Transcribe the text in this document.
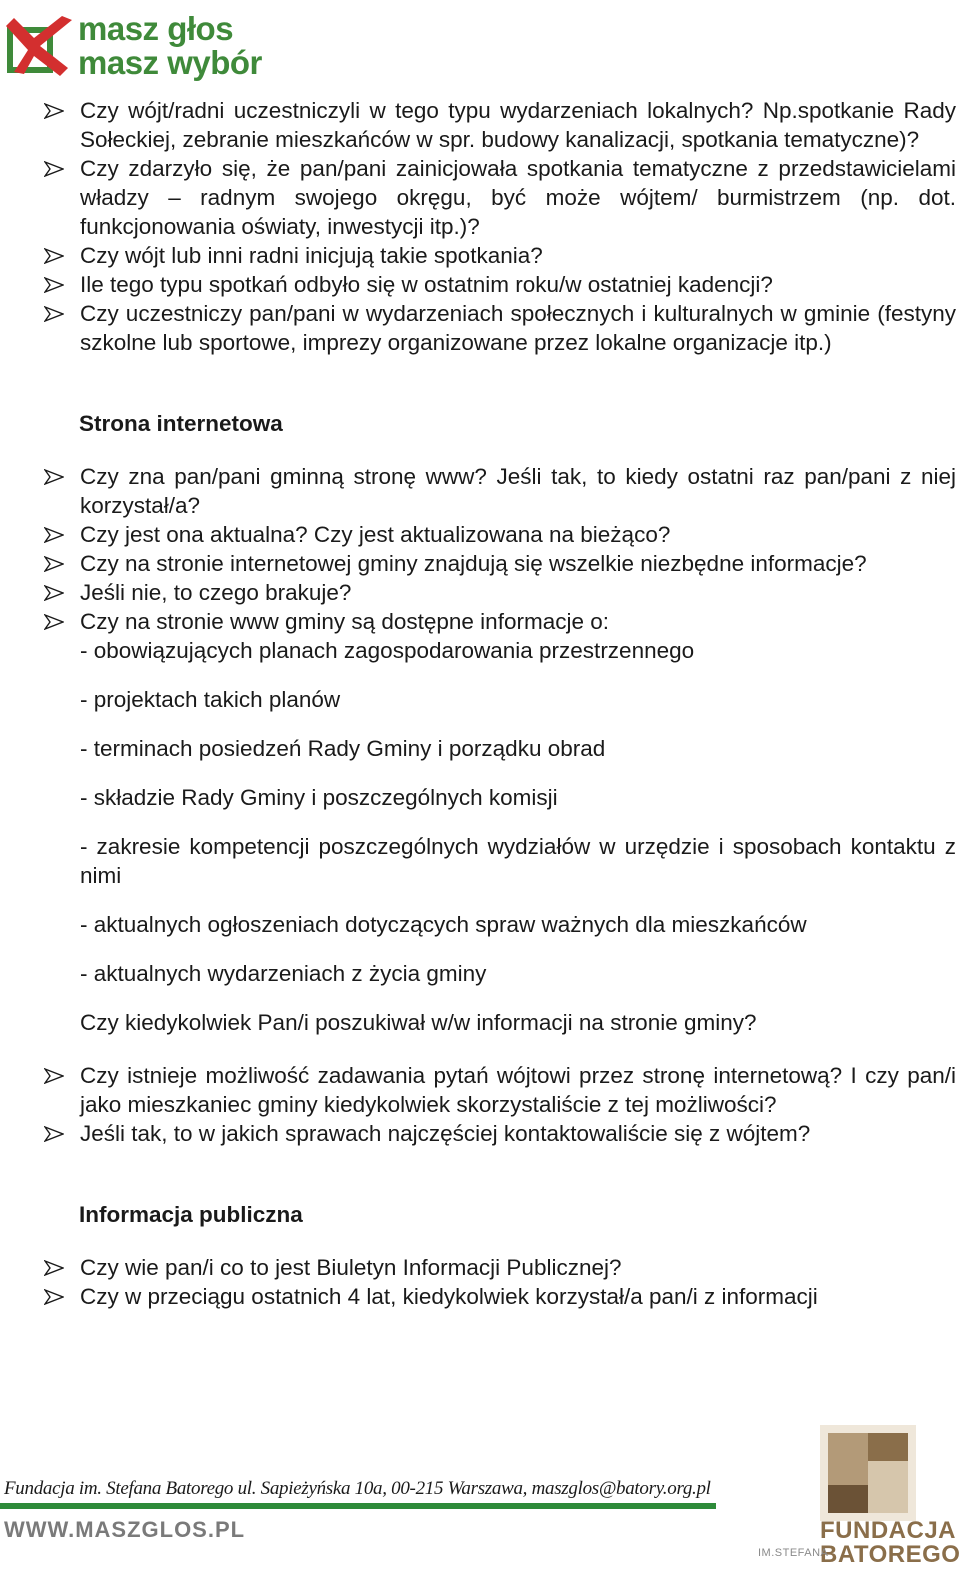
masz głos
masz wybór
Czy wójt/radni uczestniczyli w tego typu wydarzeniach lokalnych? Np.spotkanie Rady Sołeckiej, zebranie mieszkańców w spr. budowy kanalizacji, spotkania tematyczne)?
Czy zdarzyło się, że pan/pani zainicjowała spotkania tematyczne z przedstawicielami władzy – radnym swojego okręgu, być może wójtem/ burmistrzem (np. dot. funkcjonowania oświaty, inwestycji itp.)?
Czy wójt lub inni radni inicjują takie spotkania?
Ile tego typu spotkań odbyło się w ostatnim roku/w ostatniej kadencji?
Czy uczestniczy pan/pani w wydarzeniach społecznych i kulturalnych w gminie (festyny szkolne lub sportowe, imprezy organizowane przez lokalne organizacje itp.)
Strona internetowa
Czy zna pan/pani gminną stronę www? Jeśli tak, to kiedy ostatni raz pan/pani z niej korzystał/a?
Czy jest ona aktualna? Czy jest aktualizowana na bieżąco?
Czy na stronie internetowej gminy znajdują się wszelkie niezbędne informacje?
Jeśli nie, to czego brakuje?
Czy na stronie www gminy są dostępne informacje o:
- obowiązujących planach zagospodarowania przestrzennego
- projektach takich planów
- terminach posiedzeń Rady Gminy i porządku obrad
- składzie Rady Gminy i poszczególnych komisji
- zakresie kompetencji poszczególnych wydziałów w urzędzie i sposobach kontaktu z nimi
- aktualnych ogłoszeniach dotyczących spraw ważnych dla mieszkańców
- aktualnych wydarzeniach z życia gminy
Czy kiedykolwiek Pan/i poszukiwał w/w informacji na stronie gminy?
Czy istnieje możliwość zadawania pytań wójtowi przez stronę internetową? I czy pan/i jako mieszkaniec gminy kiedykolwiek skorzystaliście z tej możliwości?
Jeśli tak, to w jakich sprawach najczęściej kontaktowaliście się z wójtem?
Informacja publiczna
Czy wie pan/i co to jest Biuletyn Informacji Publicznej?
Czy w przeciągu ostatnich 4 lat, kiedykolwiek korzystał/a pan/i z informacji
Fundacja im. Stefana Batorego ul. Sapieżyńska 10a, 00-215 Warszawa, maszglos@batory.org.pl
WWW.MASZGLOS.PL	FUNDACJA
BATOREGO
IM.STEFANA
